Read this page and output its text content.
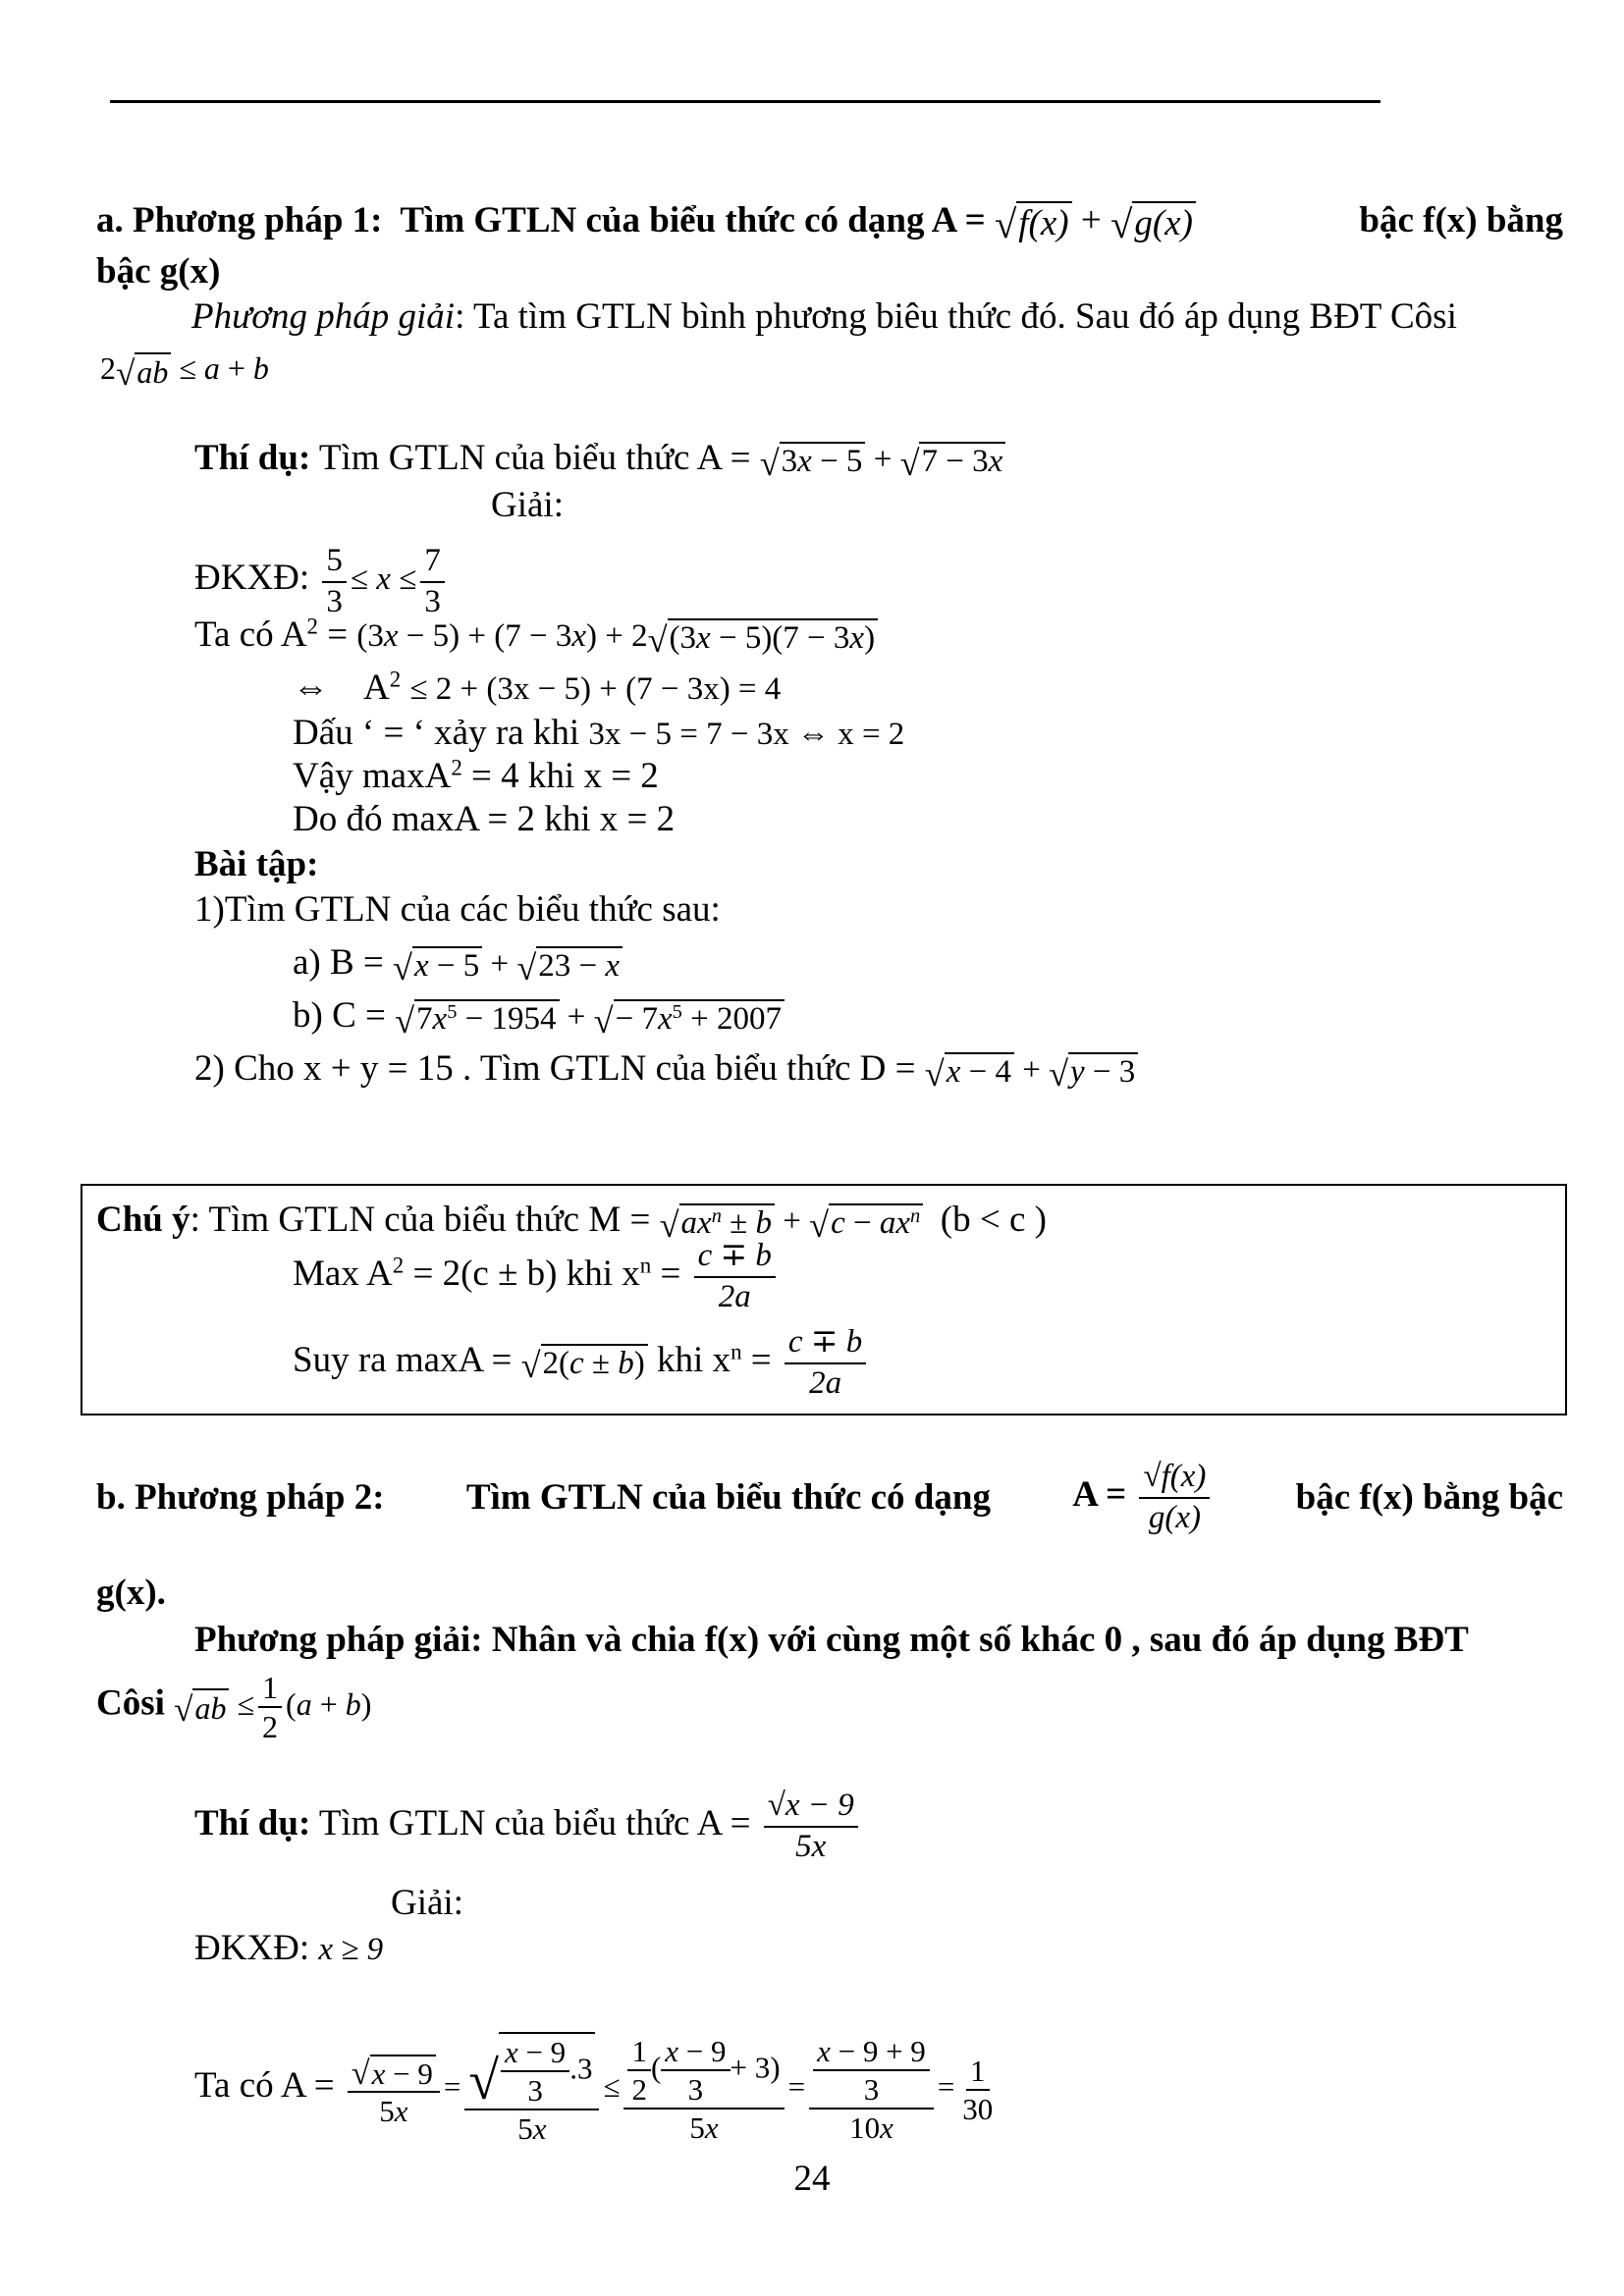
a. Phương pháp 1: Tìm GTLN của biểu thức có dạng A = √ f(x) + √ g(x)	bậc f(x) bằng
bậc g(x)
Phương pháp giải: Ta tìm GTLN bình phương biêu thức đó. Sau đó áp dụng BĐT Côsi
2 √ ab ≤ a + b
Thí dụ: Tìm GTLN của biểu thức A = √ 3x − 5 + √ 7 − 3x
Giải:
ĐKXĐ: $\frac{5}{3} \le x \le \frac{7}{3}$
Ta có $A^2 = (3x - 5) + (7 - 3x) + 2$ √ (3x − 5)(7 − 3x)
⇔ $A^2 \le 2 + (3x - 5) + (7 - 3x) = 4$
Dấu ‘ = ‘ xảy ra khi 3x − 5 = 7 − 3x ⇔ x = 2
Vậy maxA$^2$ = 4 khi x = 2
Do đó maxA = 2 khi x = 2
Bài tập:
1)Tìm GTLN của các biểu thức sau:
a) B = √ x − 5 + √ 23 − x
b) C = √ $7x^5 - 1954$ + √ − $7x^5 + 2007$
2) Cho x + y = 15 . Tìm GTLN của biểu thức D = √ x − 4 + √ y − 3
Chú ý: Tìm GTLN của biểu thức M = √ $ax^n \pm b$ + √ $c - ax^n$ (b < c )
Max $A^2 = 2(c \pm b)$ khi $x^n = \frac{c \mp b}{2a}$
Suy ra maxA = √ 2(c ± b) khi $x^n = \frac{c \mp b}{2a}$
b. Phương pháp 2: Tìm GTLN của biểu thức có dạng $A = \frac{√f(x)}{g(x)}$ bậc f(x) bằng bậc
g(x).
Phương pháp giải: Nhân và chia f(x) với cùng một số khác 0 , sau đó áp dụng BĐT
Côsi √ ab ≤ $\frac{1}{2} (a + b)$
Thí dụ: Tìm GTLN của biểu thức $A = \frac{√x - 9}{5x}$
Giải:
ĐKXĐ: x ≥ 9
Ta có $A = \frac{√ x - 9}{5x} = \frac{√ \frac{x - 9}{3} .3}{5x} \le \frac{\frac{1}{2} ( \frac{x - 9}{3} + 3)}{5x} = \frac{\frac{x - 9 + 9}{3}}{10x} = \frac{1}{30}$
24
